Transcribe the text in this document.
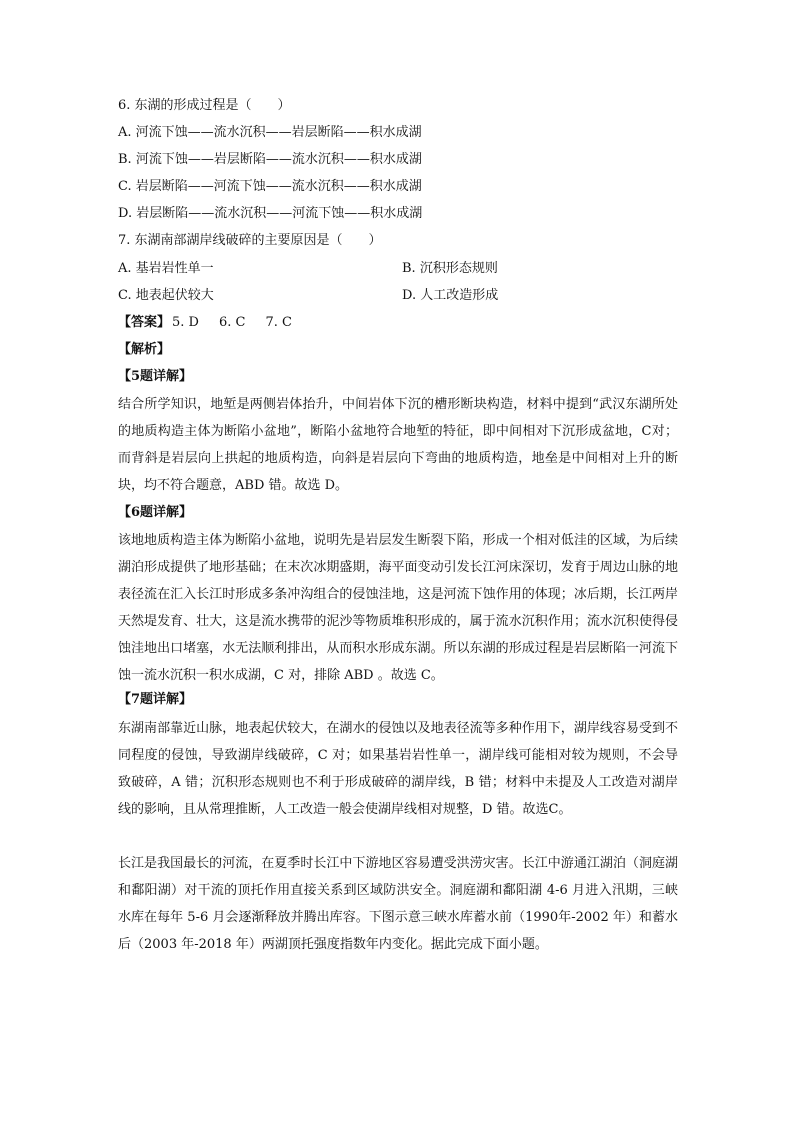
6. 东湖的形成过程是（　　）
A. 河流下蚀——流水沉积——岩层断陷——积水成湖
B. 河流下蚀——岩层断陷——流水沉积——积水成湖
C. 岩层断陷——河流下蚀——流水沉积——积水成湖
D. 岩层断陷——流水沉积——河流下蚀——积水成湖
7. 东湖南部湖岸线破碎的主要原因是（　　）
A. 基岩岩性单一	B. 沉积形态规则
C. 地表起伏较大	D. 人工改造形成
【答案】 5. D 6. C 7. C
【解析】
【5题详解】
结合所学知识，地堑是两侧岩体抬升，中间岩体下沉的槽形断块构造，材料中提到“武汉东湖所处的地质构造主体为断陷小盆地”，断陷小盆地符合地堑的特征，即中间相对下沉形成盆地，C对；而背斜是岩层向上拱起的地质构造，向斜是岩层向下弯曲的地质构造，地垒是中间相对上升的断块，均不符合题意，ABD 错。故选 D。
【6题详解】
该地地质构造主体为断陷小盆地，说明先是岩层发生断裂下陷，形成一个相对低洼的区域，为后续湖泊形成提供了地形基础；在末次冰期盛期，海平面变动引发长江河床深切，发育于周边山脉的地表径流在汇入长江时形成多条冲沟组合的侵蚀洼地，这是河流下蚀作用的体现；冰后期，长江两岸天然堤发育、壮大，这是流水携带的泥沙等物质堆积形成的，属于流水沉积作用；流水沉积使得侵蚀洼地出口堵塞，水无法顺利排出，从而积水形成东湖。所以东湖的形成过程是岩层断陷一河流下蚀一流水沉积一积水成湖，C 对，排除 ABD 。故选 C。
【7题详解】
东湖南部靠近山脉，地表起伏较大，在湖水的侵蚀以及地表径流等多种作用下，湖岸线容易受到不同程度的侵蚀，导致湖岸线破碎，C 对；如果基岩岩性单一，湖岸线可能相对较为规则，不会导致破碎，A 错；沉积形态规则也不利于形成破碎的湖岸线，B 错；材料中未提及人工改造对湖岸线的影响，且从常理推断，人工改造一般会使湖岸线相对规整，D 错。故选C。
长江是我国最长的河流，在夏季时长江中下游地区容易遭受洪涝灾害。长江中游通江湖泊（洞庭湖和鄱阳湖）对干流的顶托作用直接关系到区域防洪安全。洞庭湖和鄱阳湖 4-6 月进入汛期，三峡水库在每年 5-6 月会逐渐释放并腾出库容。下图示意三峡水库蓄水前（1990年-2002 年）和蓄水后（2003 年-2018 年）两湖顶托强度指数年内变化。据此完成下面小题。
